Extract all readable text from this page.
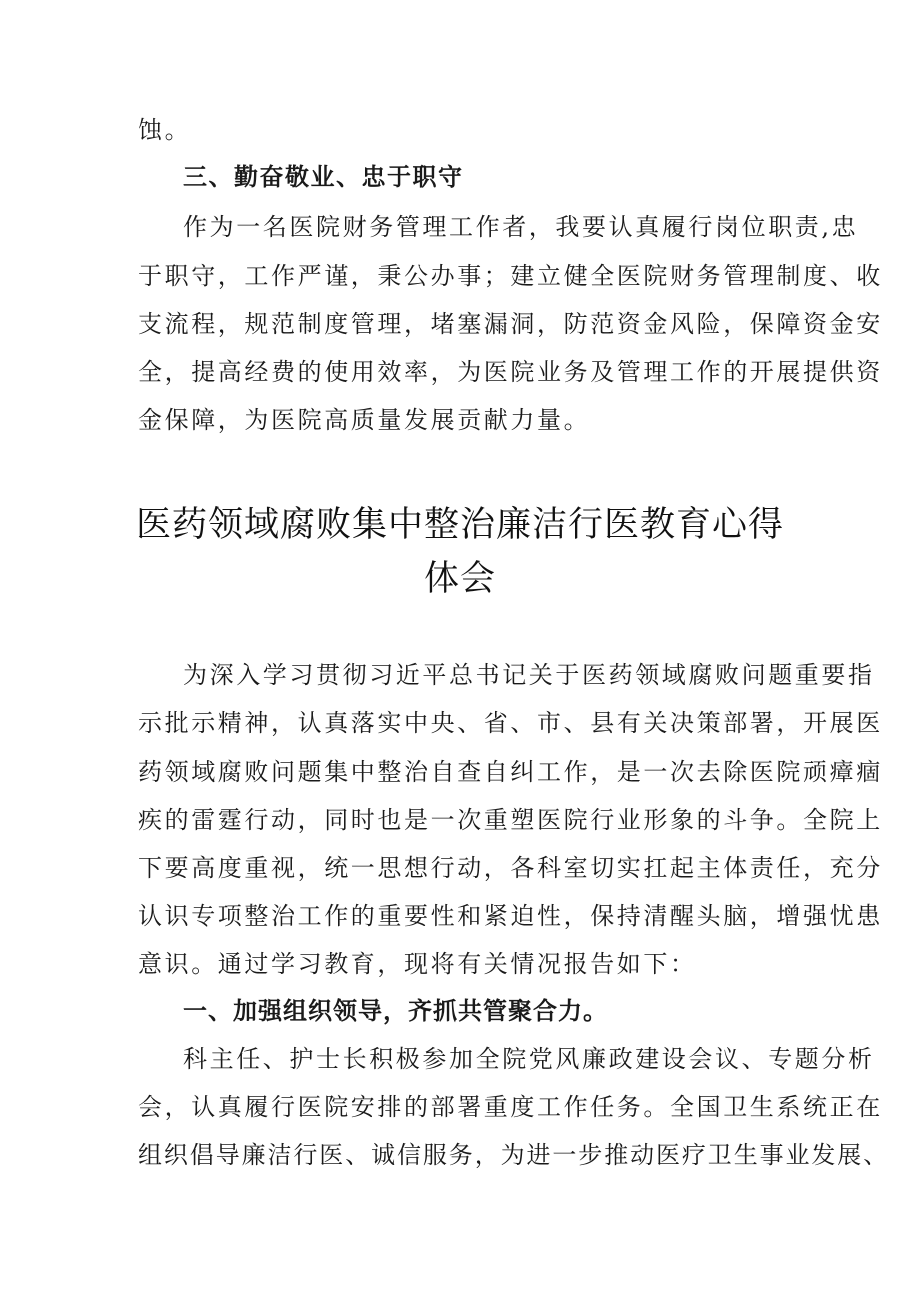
蚀。
三、勤奋敬业、忠于职守
作为一名医院财务管理工作者，我要认真履行岗位职责,忠
于职守，工作严谨，秉公办事；建立健全医院财务管理制度、收
支流程，规范制度管理，堵塞漏洞，防范资金风险，保障资金安
全，提高经费的使用效率，为医院业务及管理工作的开展提供资
金保障，为医院高质量发展贡献力量。
医药领域腐败集中整治廉洁行医教育心得
体会
为深入学习贯彻习近平总书记关于医药领域腐败问题重要指
示批示精神，认真落实中央、省、市、县有关决策部署，开展医
药领域腐败问题集中整治自查自纠工作，是一次去除医院顽瘴痼
疾的雷霆行动，同时也是一次重塑医院行业形象的斗争。全院上
下要高度重视，统一思想行动，各科室切实扛起主体责任，充分
认识专项整治工作的重要性和紧迫性，保持清醒头脑，增强忧患
意识。通过学习教育，现将有关情况报告如下：
一、加强组织领导，齐抓共管聚合力。
科主任、护士长积极参加全院党风廉政建设会议、专题分析
会，认真履行医院安排的部署重度工作任务。全国卫生系统正在
组织倡导廉洁行医、诚信服务，为进一步推动医疗卫生事业发展、
